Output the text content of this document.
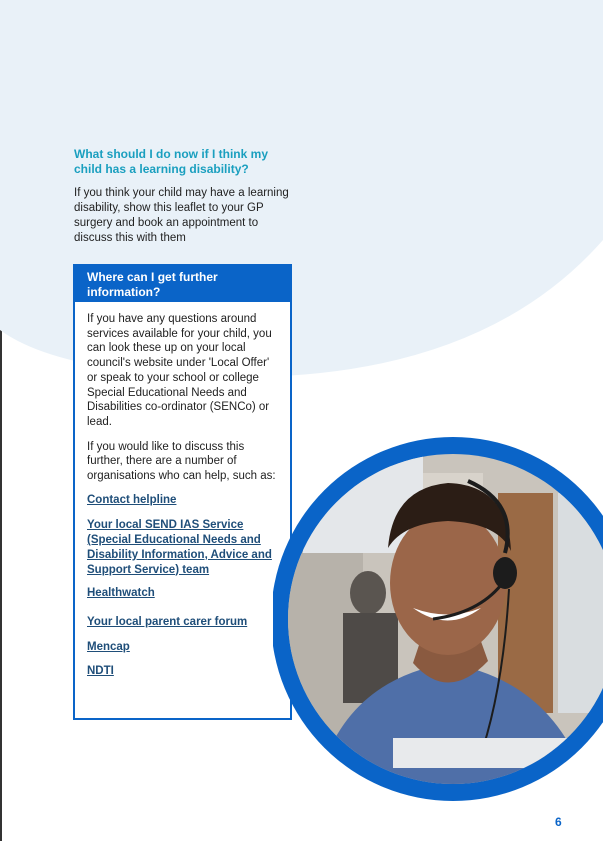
What should I do now if I think my child has a learning disability?
If you think your child may have a learning disability, show this leaflet to your GP surgery and book an appointment to discuss this with them
Where can I get further information?

If you have any questions around services available for your child, you can look these up on your local council's website under 'Local Offer' or speak to your school or college Special Educational Needs and Disabilities co-ordinator (SENCo) or lead.

If you would like to discuss this further, there are a number of organisations who can help, such as:

Contact helpline
Your local SEND IAS Service (Special Educational Needs and Disability Information, Advice and Support Service) team
Healthwatch
Your local parent carer forum
Mencap
NDTI
6
